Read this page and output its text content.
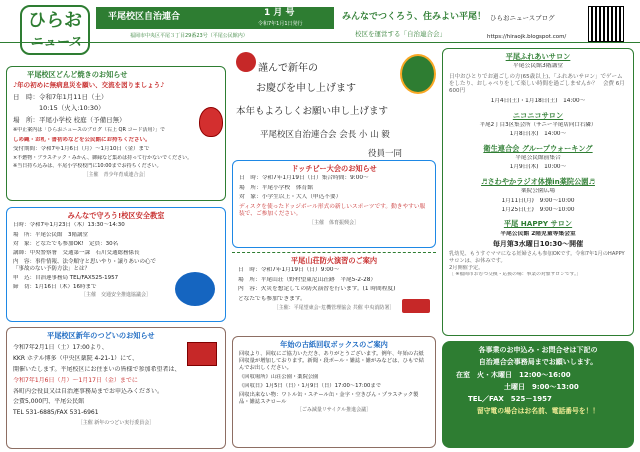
ひらお
ニュース
平尾校区自治連合	1 月 号
令和7年1月1日発行
福岡市中央区平尾３丁目29番23号（平尾公民館内）
みんなでつくろう、住みよい平尾！ ひらおニュースブログ
校区を運営する「自治連合会」	https://hiraojk.blogspot.com/
平尾校区どんど焼きのお知らせ
♪年の初めに無病息災を願い、交流を図りましょう♪
日　時：令和7年1月11日（土）
10:15（火入:10:30）
場　所：平尾小学校 校庭（予備日無）
※中止案内は「ひらおニュースのブログ（右上 QR コード活用）」で
しめ縄・お札・書初めなどを公民館にお持ちください。
受付期間：令和7年1月6日（月）～1月10日（金）まで
×不燃物・プラスチック・みかん、御縁など集めは持って行かないでください。
※当日持ち込みは、平尾小学校校門に10:00までお持ちください。
［主催　青少年育成連合会］
みんなで守ろう!校区安全教室
日時：令和7年1月23日（木）13:30～14:30
場　所：平尾公民館　3階講堂
対　象：どなたでも参加OK!　定員：30名
講師：中央警察署　交通第一課　石川交通総務係長
内　容：事件情報、法令順守と思いやり・譲りあいの心で「事故のない予防方法」とは？
申　込：自治連事務局 TEL/FAX525-1957
締　切：1月16日（木）16時まで
［主催　交通安全推進協議会］
平尾校区新年のつどいのお知らせ
令和7年2月1日（土）17:00より、
KKR ホテル博多（中央区薬院 4-21-1）にて、
開催いたします。平尾校区にお住まいの皆様で参加希望者は、
令和7年1月6日（月）～1月17日（金）までに
各町内会役員又は自治連事務局までお申込みください。
会費5,000円、平尾公民館
TEL 531-6885/FAX 531-6961
［主催 新年のつどい実行委員会］
謹んで新年の
お慶びを申し上げます
本年もよろしくお願い申し上げます
平尾校区自治連合会 会長 小 山 毅
役員一同
ドッチビー大会のお知らせ
日　時：令和7年1月19日（日）集合時間：9:00～
場　所：平尾小学校　体育館
対　象：小学生以上・大人（申込不要）
ディスクを使ったドッジボール形式の新しいスポーツです。動きやすい服装で、ご参加ください。
［主催　体育振興会］
平尾山荘防火演習のご案内
日　時：令和7年1月19日（日）9:00～
場　所：平尾山荘（野村望東尼山荘跡　平尾5-2-28）
内　容：火災を想定しての防火演習を行います。(1 時間程度)
どなたでも参加できます。
［主催：平尾望東会･危機管理協会 共催 中央消防署］
年始の古紙回収ボックスのご案内
回収より、回収にご協力いただき、ありがとうございます。例年、年始の古紙回収量が増加しております。新聞・段ボール・雑誌・雑がみなどは、ひもで結んでお出しください。
《回収場所》山荘公園・薬院公園
《回収日》1月5日（日）・1月9日（日）17:00～17:00まで
回収出来ない物：ワトル缶・スチール缶・金字・空きびん・プラスチック製品・雑誌スチロール
［ごみ減量リサイクル推進会議］
平尾ふれあいサロン
平尾公民館3階講堂
日中おひとりでお過ごしの方(65歳以上)、「ふれあいサロン」でゲームをしたり、おしゃべりをして楽しい時間を過ごしませんか？　会費 6月 600円
1月4日(土)・1月18日(土)　14:00～
ニコニコサロン
平尾2丁目3区集会所（サニー平尾店向口右隣）
1月8日(水)　14:00～
衛生連合会 グループウォーキング
平尾公民館前集合
1月9日(木)　10:00～
♬さわやかラジオ体操in薬院公園♬
薬院公園広場
1月11日(月)　9:00～10:00
1月25日(土)　9:00～10:00
平尾 HAPPY サロン
平尾公民館 2階児童等集会室
毎月第3水曜日10:30～開催
乳幼児、もうすぐママになる妊婦さんも参加OKです。令和7年1月のHAPPYサロンは、お休みです。
2月開催予定。
［ ※福岡市おむつ交換・応援の場：事業の対象サロンです。］
各事業のお申込み・お問合せは下記の
自治連合会事務局までお願いします。
在室　火・木曜日　12:00～16:00
土曜日　9:00～13:00
TEL／FAX　525－1957
留守電の場合はお名前、電話番号を！！
